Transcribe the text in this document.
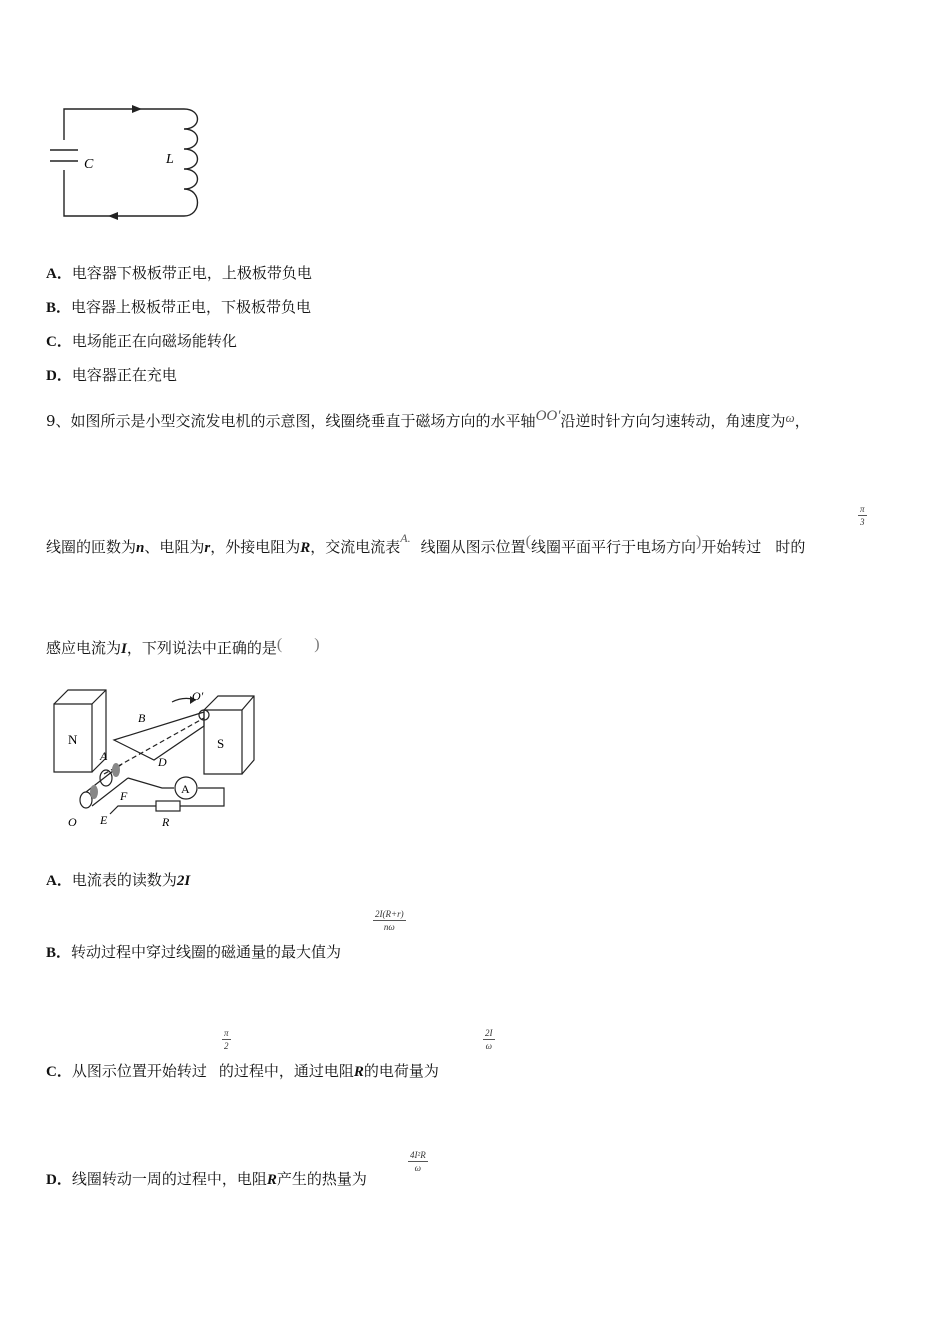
C	L
A．电容器下极板带正电，上极板带负电
B．电容器上极板带正电，下极板带负电
C．电场能正在向磁场能转化
D．电容器正在充电
9、如图所示是小型交流发电机的示意图，线圈绕垂直于磁场方向的水平轴OO′沿逆时针方向匀速转动，角速度为ω，
线圈的匝数为n、电阻为r，外接电阻为R，交流电流表$^{A.}$ 线圈从图示位置(线圈平面平行于电场方向)开始转过 时的
$\frac{\pi}{3}$
感应电流为I，下列说法中正确的是(　　)
N	S
B
O′
A	D
F
E
O	R
A
A．电流表的读数为2I
B．转动过程中穿过线圈的磁通量的最大值为
$\frac{2I(R+r)}{n\omega}$
C．从图示位置开始转过 的过程中，通过电阻R的电荷量为
$\frac{\pi}{2}$	$\frac{2I}{\omega}$
D．线圈转动一周的过程中，电阻R产生的热量为
$\frac{\text{4I²R}}{\omega}$
